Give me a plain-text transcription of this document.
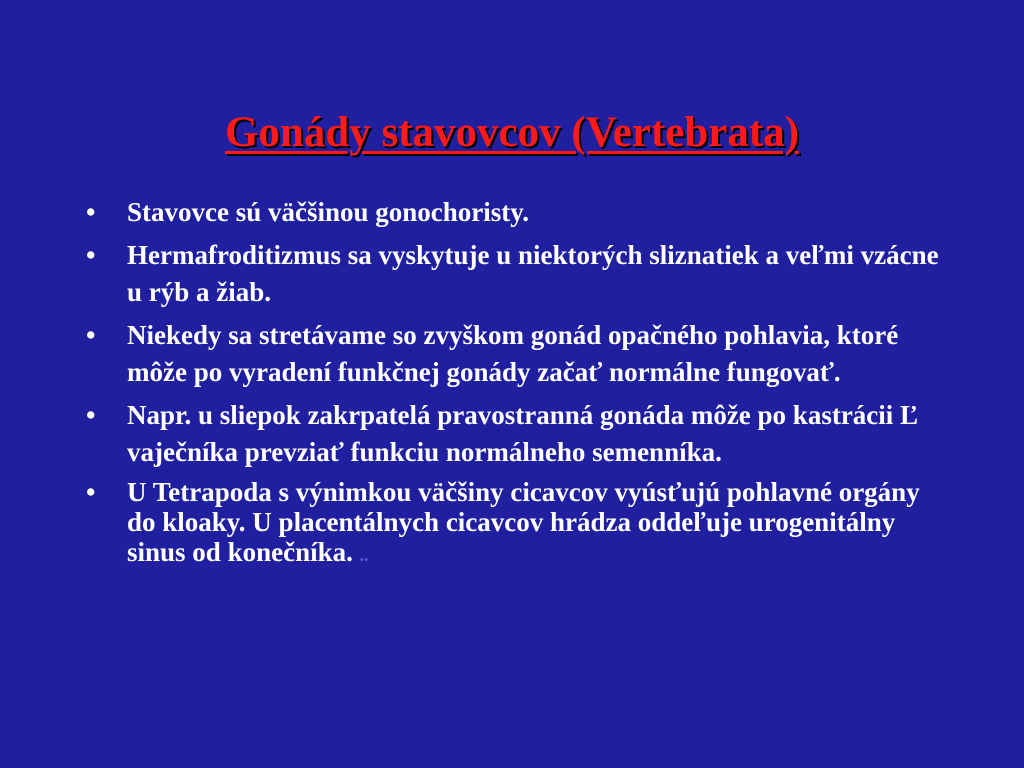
Gonády stavovcov (Vertebrata)
• Stavovce sú väčšinou gonochoristy.
• Hermafroditizmus sa vyskytuje u niektorých sliznatiek a veľmi vzácne u rýb a žiab.
• Niekedy sa stretávame so zvyškom gonád opačného pohlavia, ktoré môže po vyradení funkčnej gonády začať normálne fungovať.
• Napr. u sliepok zakrpatelá pravostranná gonáda môže po kastrácii Ľ vaječníka prevziať funkciu normálneho semenníka.
• U Tetrapoda s výnimkou väčšiny cicavcov vyúsťujú pohlavné orgány do kloaky. U placentálnych cicavcov hrádza oddeľuje urogenitálny sinus od konečníka. ..
